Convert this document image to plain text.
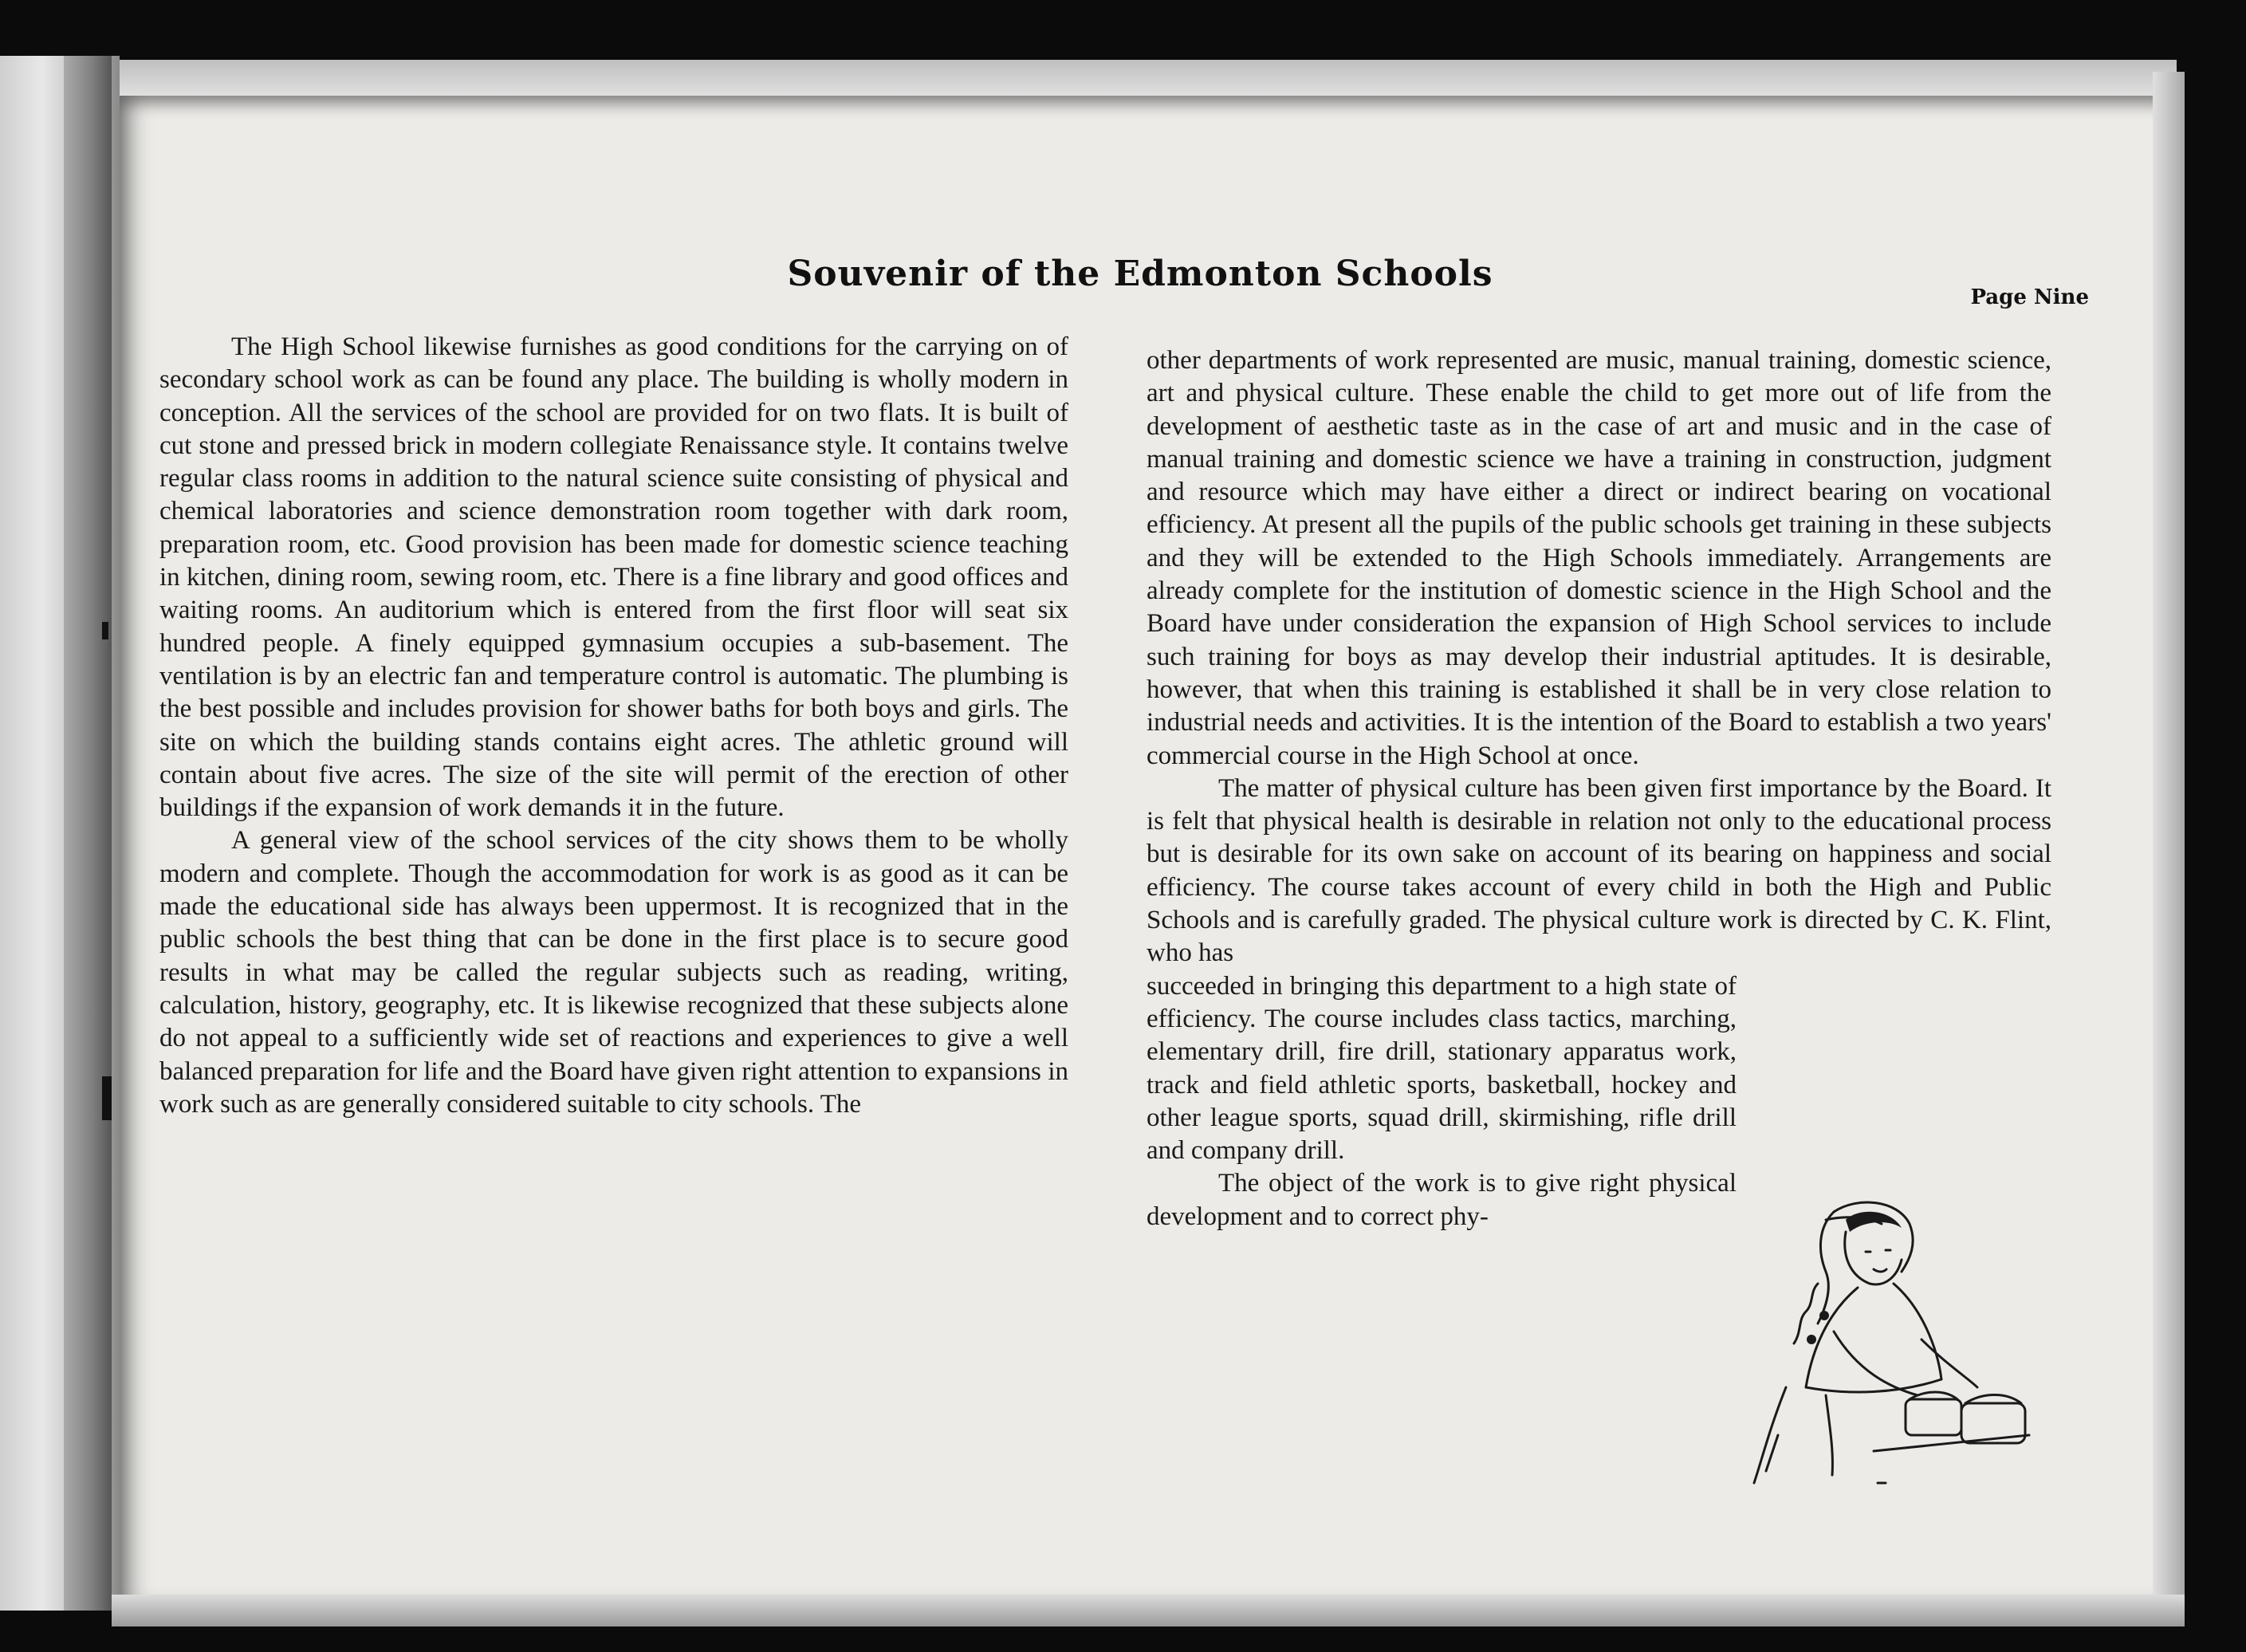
Souvenir of the Edmonton Schools
Page Nine

The High School likewise furnishes as good conditions for the carrying on of secondary school work as can be found any place. The building is wholly modern in conception. All the services of the school are provided for on two flats. It is built of cut stone and pressed brick in modern collegiate Renaissance style. It contains twelve regular class rooms in addition to the natural science suite consisting of physical and chemical laboratories and science demonstration room together with dark room, preparation room, etc. Good provision has been made for domestic science teaching in kitchen, dining room, sewing room, etc. There is a fine library and good offices and waiting rooms. An auditorium which is entered from the first floor will seat six hundred people. A finely equipped gymnasium occupies a sub-basement. The ventilation is by an electric fan and temperature control is automatic. The plumbing is the best possible and includes provision for shower baths for both boys and girls. The site on which the building stands contains eight acres. The athletic ground will contain about five acres. The size of the site will permit of the erection of other buildings if the expansion of work demands it in the future.

A general view of the school services of the city shows them to be wholly modern and complete. Though the accommodation for work is as good as it can be made the educational side has always been uppermost. It is recognized that in the public schools the best thing that can be done in the first place is to secure good results in what may be called the regular subjects such as reading, writing, calculation, history, geography, etc. It is likewise recognized that these subjects alone do not appeal to a sufficiently wide set of reactions and experiences to give a well balanced preparation for life and the Board have given right attention to expansions in work such as are generally considered suitable to city schools. The

other departments of work represented are music, manual training, domestic science, art and physical culture. These enable the child to get more out of life from the development of aesthetic taste as in the case of art and music and in the case of manual training and domestic science we have a training in construction, judgment and resource which may have either a direct or indirect bearing on vocational efficiency. At present all the pupils of the public schools get training in these subjects and they will be extended to the High Schools immediately. Arrangements are already complete for the institution of domestic science in the High School and the Board have under consideration the expansion of High School services to include such training for boys as may develop their industrial aptitudes. It is desirable, however, that when this training is established it shall be in very close relation to industrial needs and activities. It is the intention of the Board to establish a two years' commercial course in the High School at once.

The matter of physical culture has been given first importance by the Board. It is felt that physical health is desirable in relation not only to the educational process but is desirable for its own sake on account of its bearing on happiness and social efficiency. The course takes account of every child in both the High and Public Schools and is carefully graded. The physical culture work is directed by C. K. Flint, who has

succeeded in bringing this department to a high state of efficiency. The course includes class tactics, marching, elementary drill, fire drill, stationary apparatus work, track and field athletic sports, basketball, hockey and other league sports, squad drill, skirmishing, rifle drill and company drill.

The object of the work is to give right physical development and to correct phy-
